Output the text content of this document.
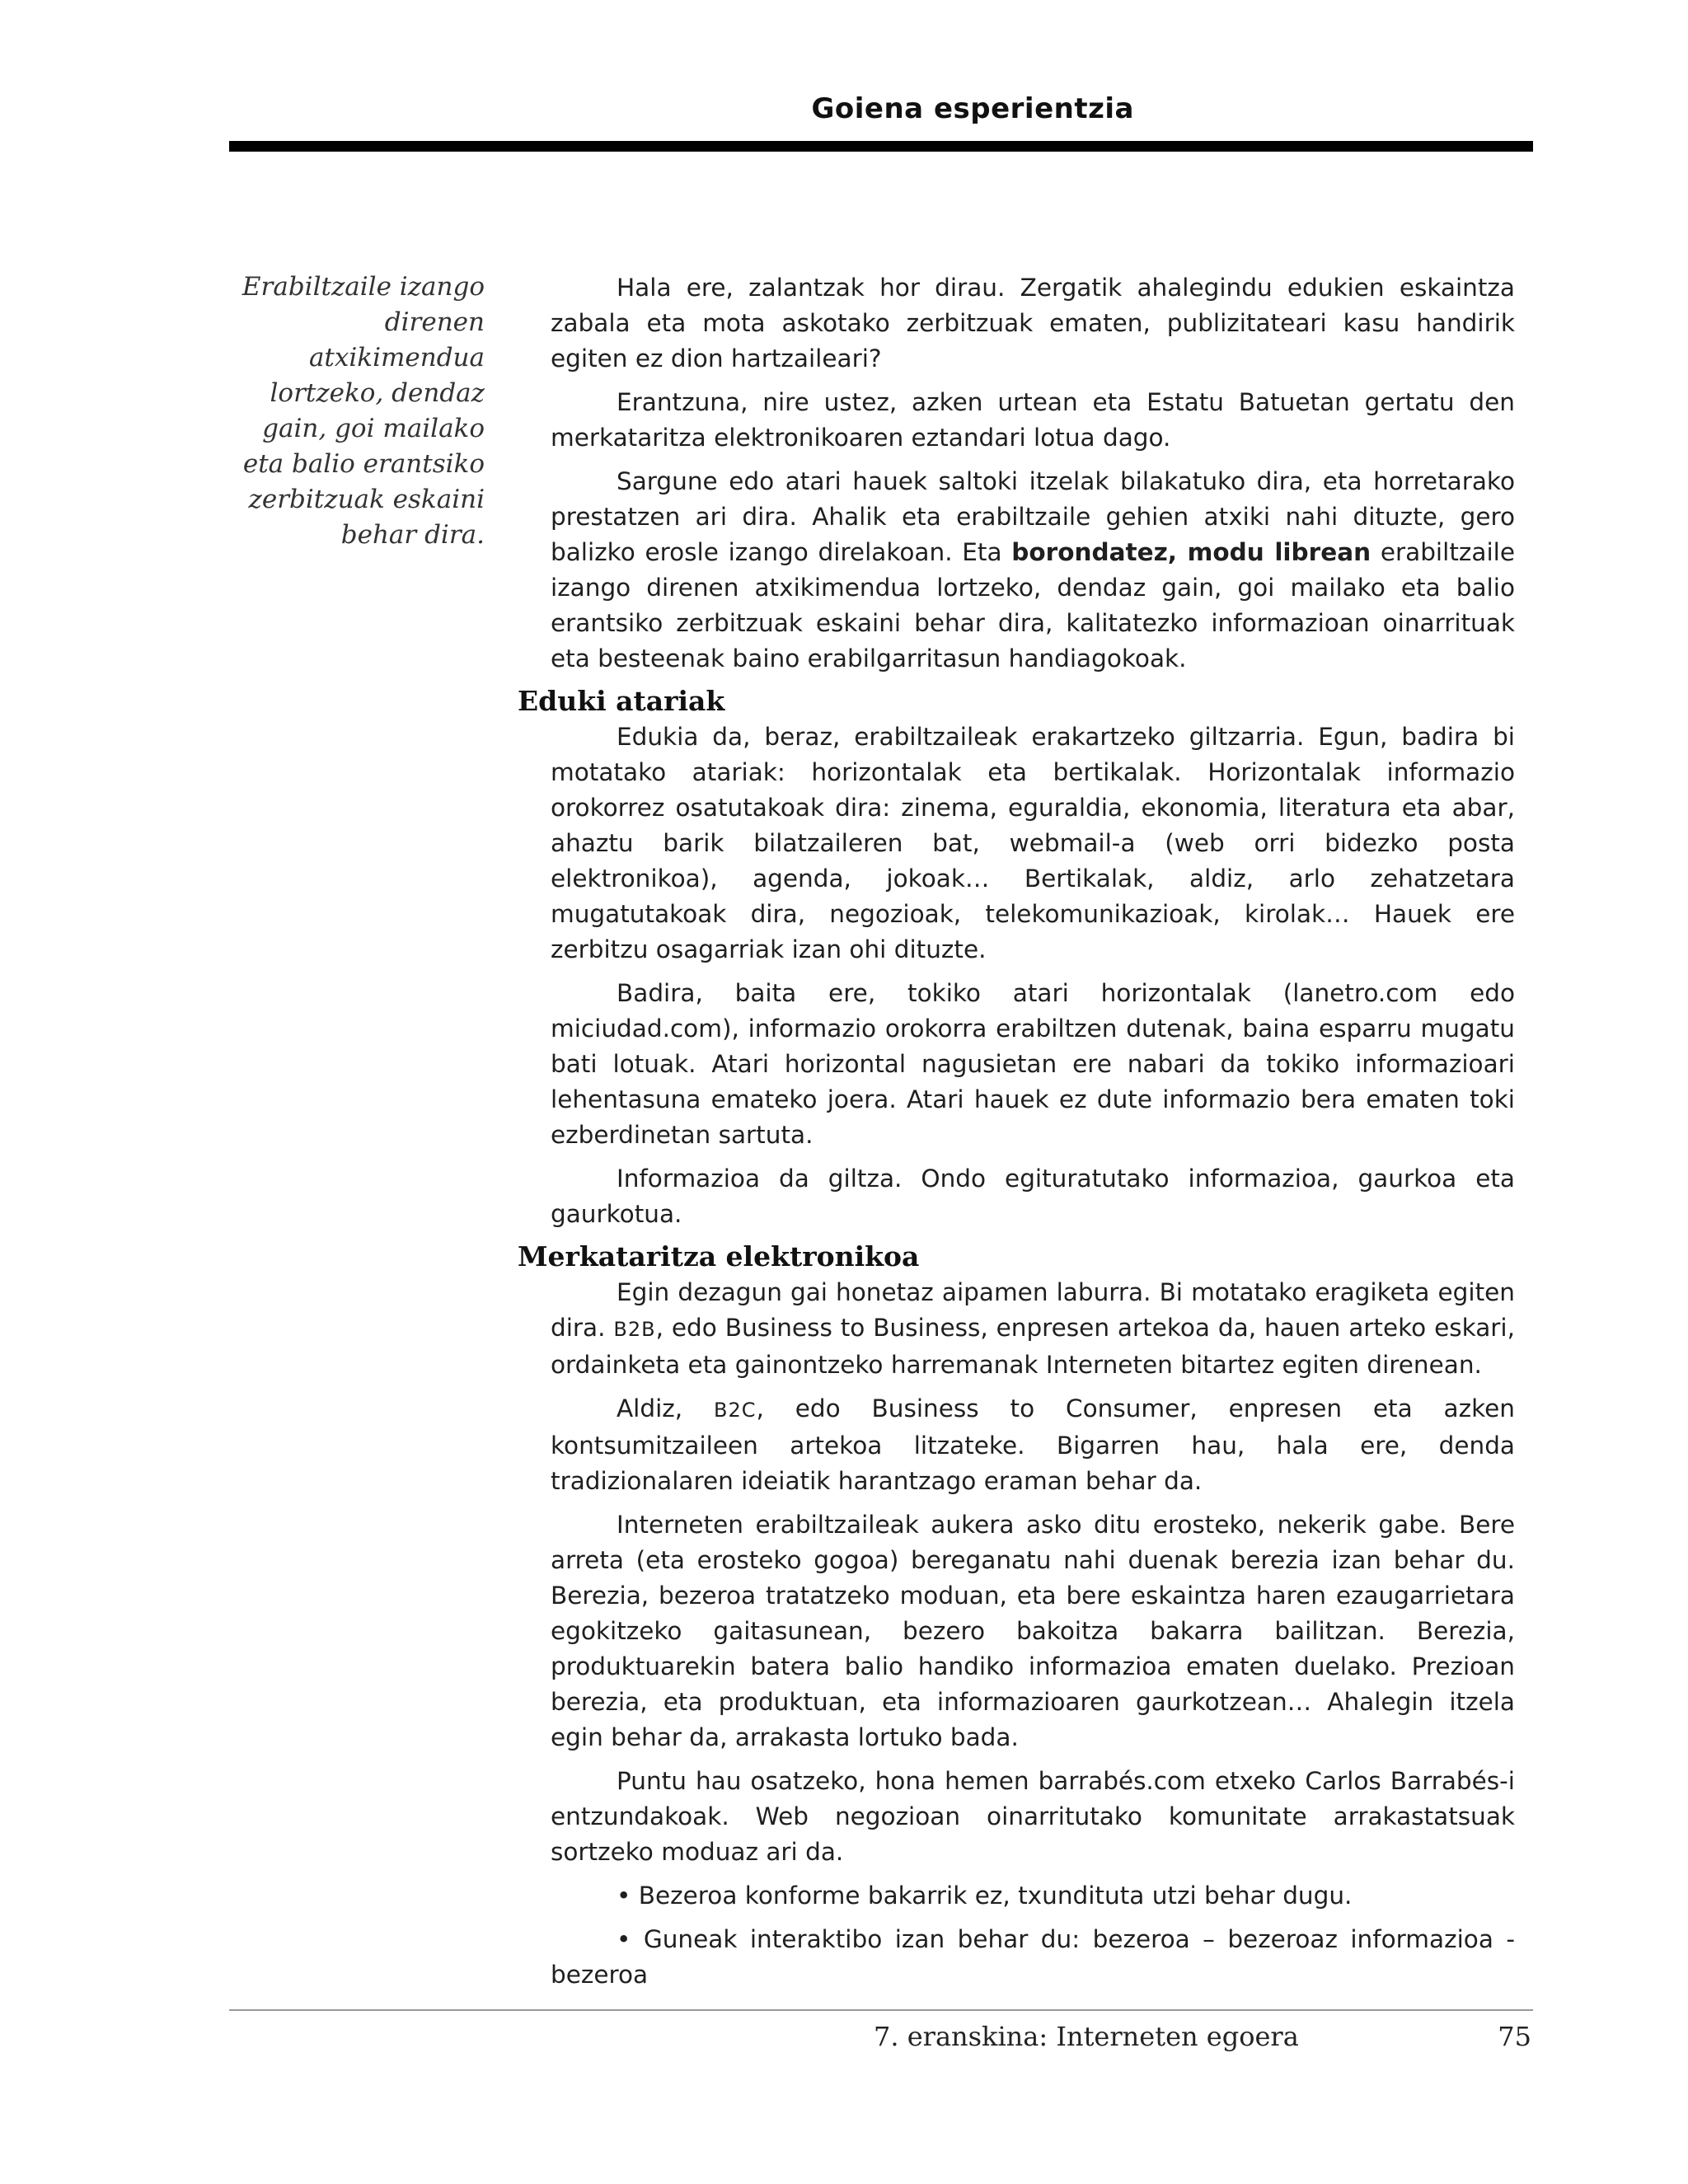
Goiena esperientzia
Erabiltzaile izango
direnen
atxikimendua
lortzeko, dendaz
gain, goi mailako
eta balio erantsiko
zerbitzuak eskaini
behar dira.

Hala ere, zalantzak hor dirau. Zergatik ahalegindu edukien eskaintza zabala eta mota askotako zerbitzuak ematen, publizitateari kasu handirik egiten ez dion hartzaileari?

Erantzuna, nire ustez, azken urtean eta Estatu Batuetan gertatu den merkataritza elektronikoaren eztandari lotua dago.

Sargune edo atari hauek saltoki itzelak bilakatuko dira, eta horretarako prestatzen ari dira. Ahalik eta erabiltzaile gehien atxiki nahi dituzte, gero balizko erosle izango direlakoan. Eta borondatez, modu librean erabiltzaile izango direnen atxikimendua lortzeko, dendaz gain, goi mailako eta balio erantsiko zerbitzuak eskaini behar dira, kalitatezko informazioan oinarrituak eta besteenak baino erabilgarritasun handiagokoak.

Eduki atariak

Edukia da, beraz, erabiltzaileak erakartzeko giltzarria. Egun, badira bi motatako atariak: horizontalak eta bertikalak. Horizontalak informazio orokorrez osatutakoak dira: zinema, eguraldia, ekonomia, literatura eta abar, ahaztu barik bilatzaileren bat, webmail-a (web orri bidezko posta elektronikoa), agenda, jokoak… Bertikalak, aldiz, arlo zehatzetara mugatutakoak dira, negozioak, telekomunikazioak, kirolak… Hauek ere zerbitzu osagarriak izan ohi dituzte.

Badira, baita ere, tokiko atari horizontalak (lanetro.com edo miciudad.com), informazio orokorra erabiltzen dutenak, baina esparru mugatu bati lotuak. Atari horizontal nagusietan ere nabari da tokiko informazioari lehentasuna emateko joera. Atari hauek ez dute informazio bera ematen toki ezberdinetan sartuta.

Informazioa da giltza. Ondo egituratutako informazioa, gaurkoa eta gaurkotua.

Merkataritza elektronikoa

Egin dezagun gai honetaz aipamen laburra. Bi motatako eragiketa egiten dira. B2B, edo Business to Business, enpresen artekoa da, hauen arteko eskari, ordainketa eta gainontzeko harremanak Interneten bitartez egiten direnean.

Aldiz, B2C, edo Business to Consumer, enpresen eta azken kontsumitzaileen artekoa litzateke. Bigarren hau, hala ere, denda tradizionalaren ideiatik harantzago eraman behar da.

Interneten erabiltzaileak aukera asko ditu erosteko, nekerik gabe. Bere arreta (eta erosteko gogoa) bereganatu nahi duenak berezia izan behar du. Berezia, bezeroa tratatzeko moduan, eta bere eskaintza haren ezaugarrietara egokitzeko gaitasunean, bezero bakoitza bakarra bailitzan. Berezia, produktuarekin batera balio handiko informazioa ematen duelako. Prezioan berezia, eta produktuan, eta informazioaren gaurkotzean… Ahalegin itzela egin behar da, arrakasta lortuko bada.

Puntu hau osatzeko, hona hemen barrabés.com etxeko Carlos Barrabés-i entzundakoak. Web negozioan oinarritutako komunitate arrakastatsuak sortzeko moduaz ari da.

• Bezeroa konforme bakarrik ez, txundituta utzi behar dugu.

• Guneak interaktibo izan behar du: bezeroa – bezeroaz informazioa - bezeroa

7. eranskina: Interneten egoera	75
